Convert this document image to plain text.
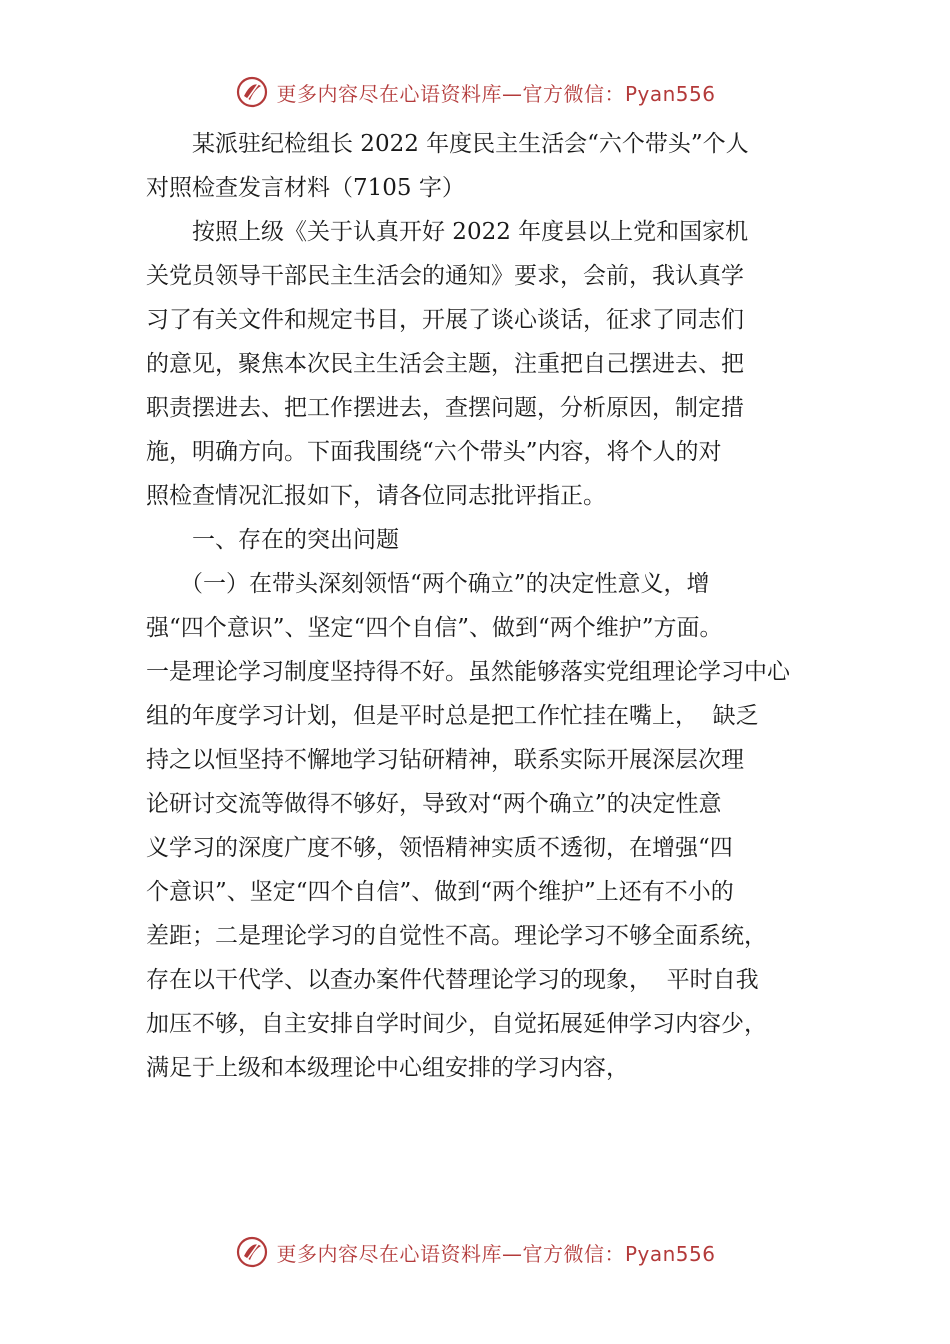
更多内容尽在心语资料库—官方微信：Pyan556

某派驻纪检组长 2022 年度民主生活会“六个带头”个人

对照检查发言材料（7105 字）

按照上级《关于认真开好 2022 年度县以上党和国家机

关党员领导干部民主生活会的通知》要求，会前，我认真学

习了有关文件和规定书目，开展了谈心谈话，征求了同志们

的意见，聚焦本次民主生活会主题，注重把自己摆进去、把

职责摆进去、把工作摆进去，查摆问题，分析原因，制定措

施，明确方向。下面我围绕“六个带头”内容，将个人的对

照检查情况汇报如下，请各位同志批评指正。

一、存在的突出问题

（一）在带头深刻领悟“两个确立”的决定性意义，增

强“四个意识”、坚定“四个自信”、做到“两个维护”方面。

一是理论学习制度坚持得不好。虽然能够落实党组理论学习中心

组的年度学习计划，但是平时总是把工作忙挂在嘴上，  缺乏

持之以恒坚持不懈地学习钻研精神，联系实际开展深层次理

论研讨交流等做得不够好，导致对“两个确立”的决定性意

义学习的深度广度不够，领悟精神实质不透彻，在增强“四

个意识”、坚定“四个自信”、做到“两个维护”上还有不小的

差距；二是理论学习的自觉性不高。理论学习不够全面系统，

存在以干代学、以查办案件代替理论学习的现象，  平时自我

加压不够，自主安排自学时间少，自觉拓展延伸学习内容少，

满足于上级和本级理论中心组安排的学习内容，

更多内容尽在心语资料库—官方微信：Pyan556
